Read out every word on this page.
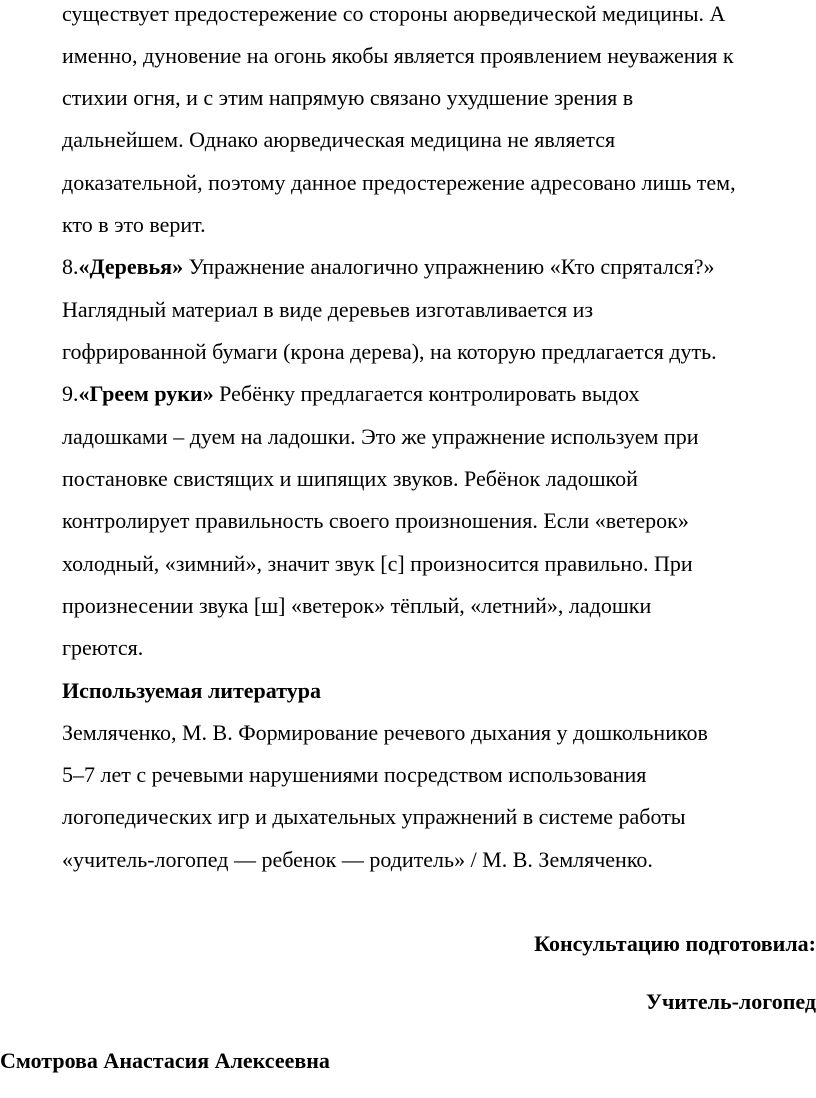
существует предостережение со стороны аюрведической медицины. А
именно, дуновение на огонь якобы является проявлением неуважения к
стихии огня, и с этим напрямую связано ухудшение зрения в
дальнейшем. Однако аюрведическая медицина не является
доказательной, поэтому данное предостережение адресовано лишь тем,
кто в это верит.
8.«Деревья» Упражнение аналогично упражнению «Кто спрятался?»
Наглядный материал в виде деревьев изготавливается из
гофрированной бумаги (крона дерева), на которую предлагается дуть.
9.«Греем руки» Ребёнку предлагается контролировать выдох
ладошками – дуем на ладошки. Это же упражнение используем при
постановке свистящих и шипящих звуков. Ребёнок ладошкой
контролирует правильность своего произношения. Если «ветерок»
холодный, «зимний», значит звук [с] произносится правильно. При
произнесении звука [ш] «ветерок» тёплый, «летний», ладошки
греются.
Используемая литература
Земляченко, М. В. Формирование речевого дыхания у дошкольников
5–7 лет с речевыми нарушениями посредством использования
логопедических игр и дыхательных упражнений в системе работы
«учитель-логопед — ребенок — родитель» / М. В. Земляченко.
Консультацию подготовила:
Учитель-логопед
Смотрова Анастасия Алексеевна
